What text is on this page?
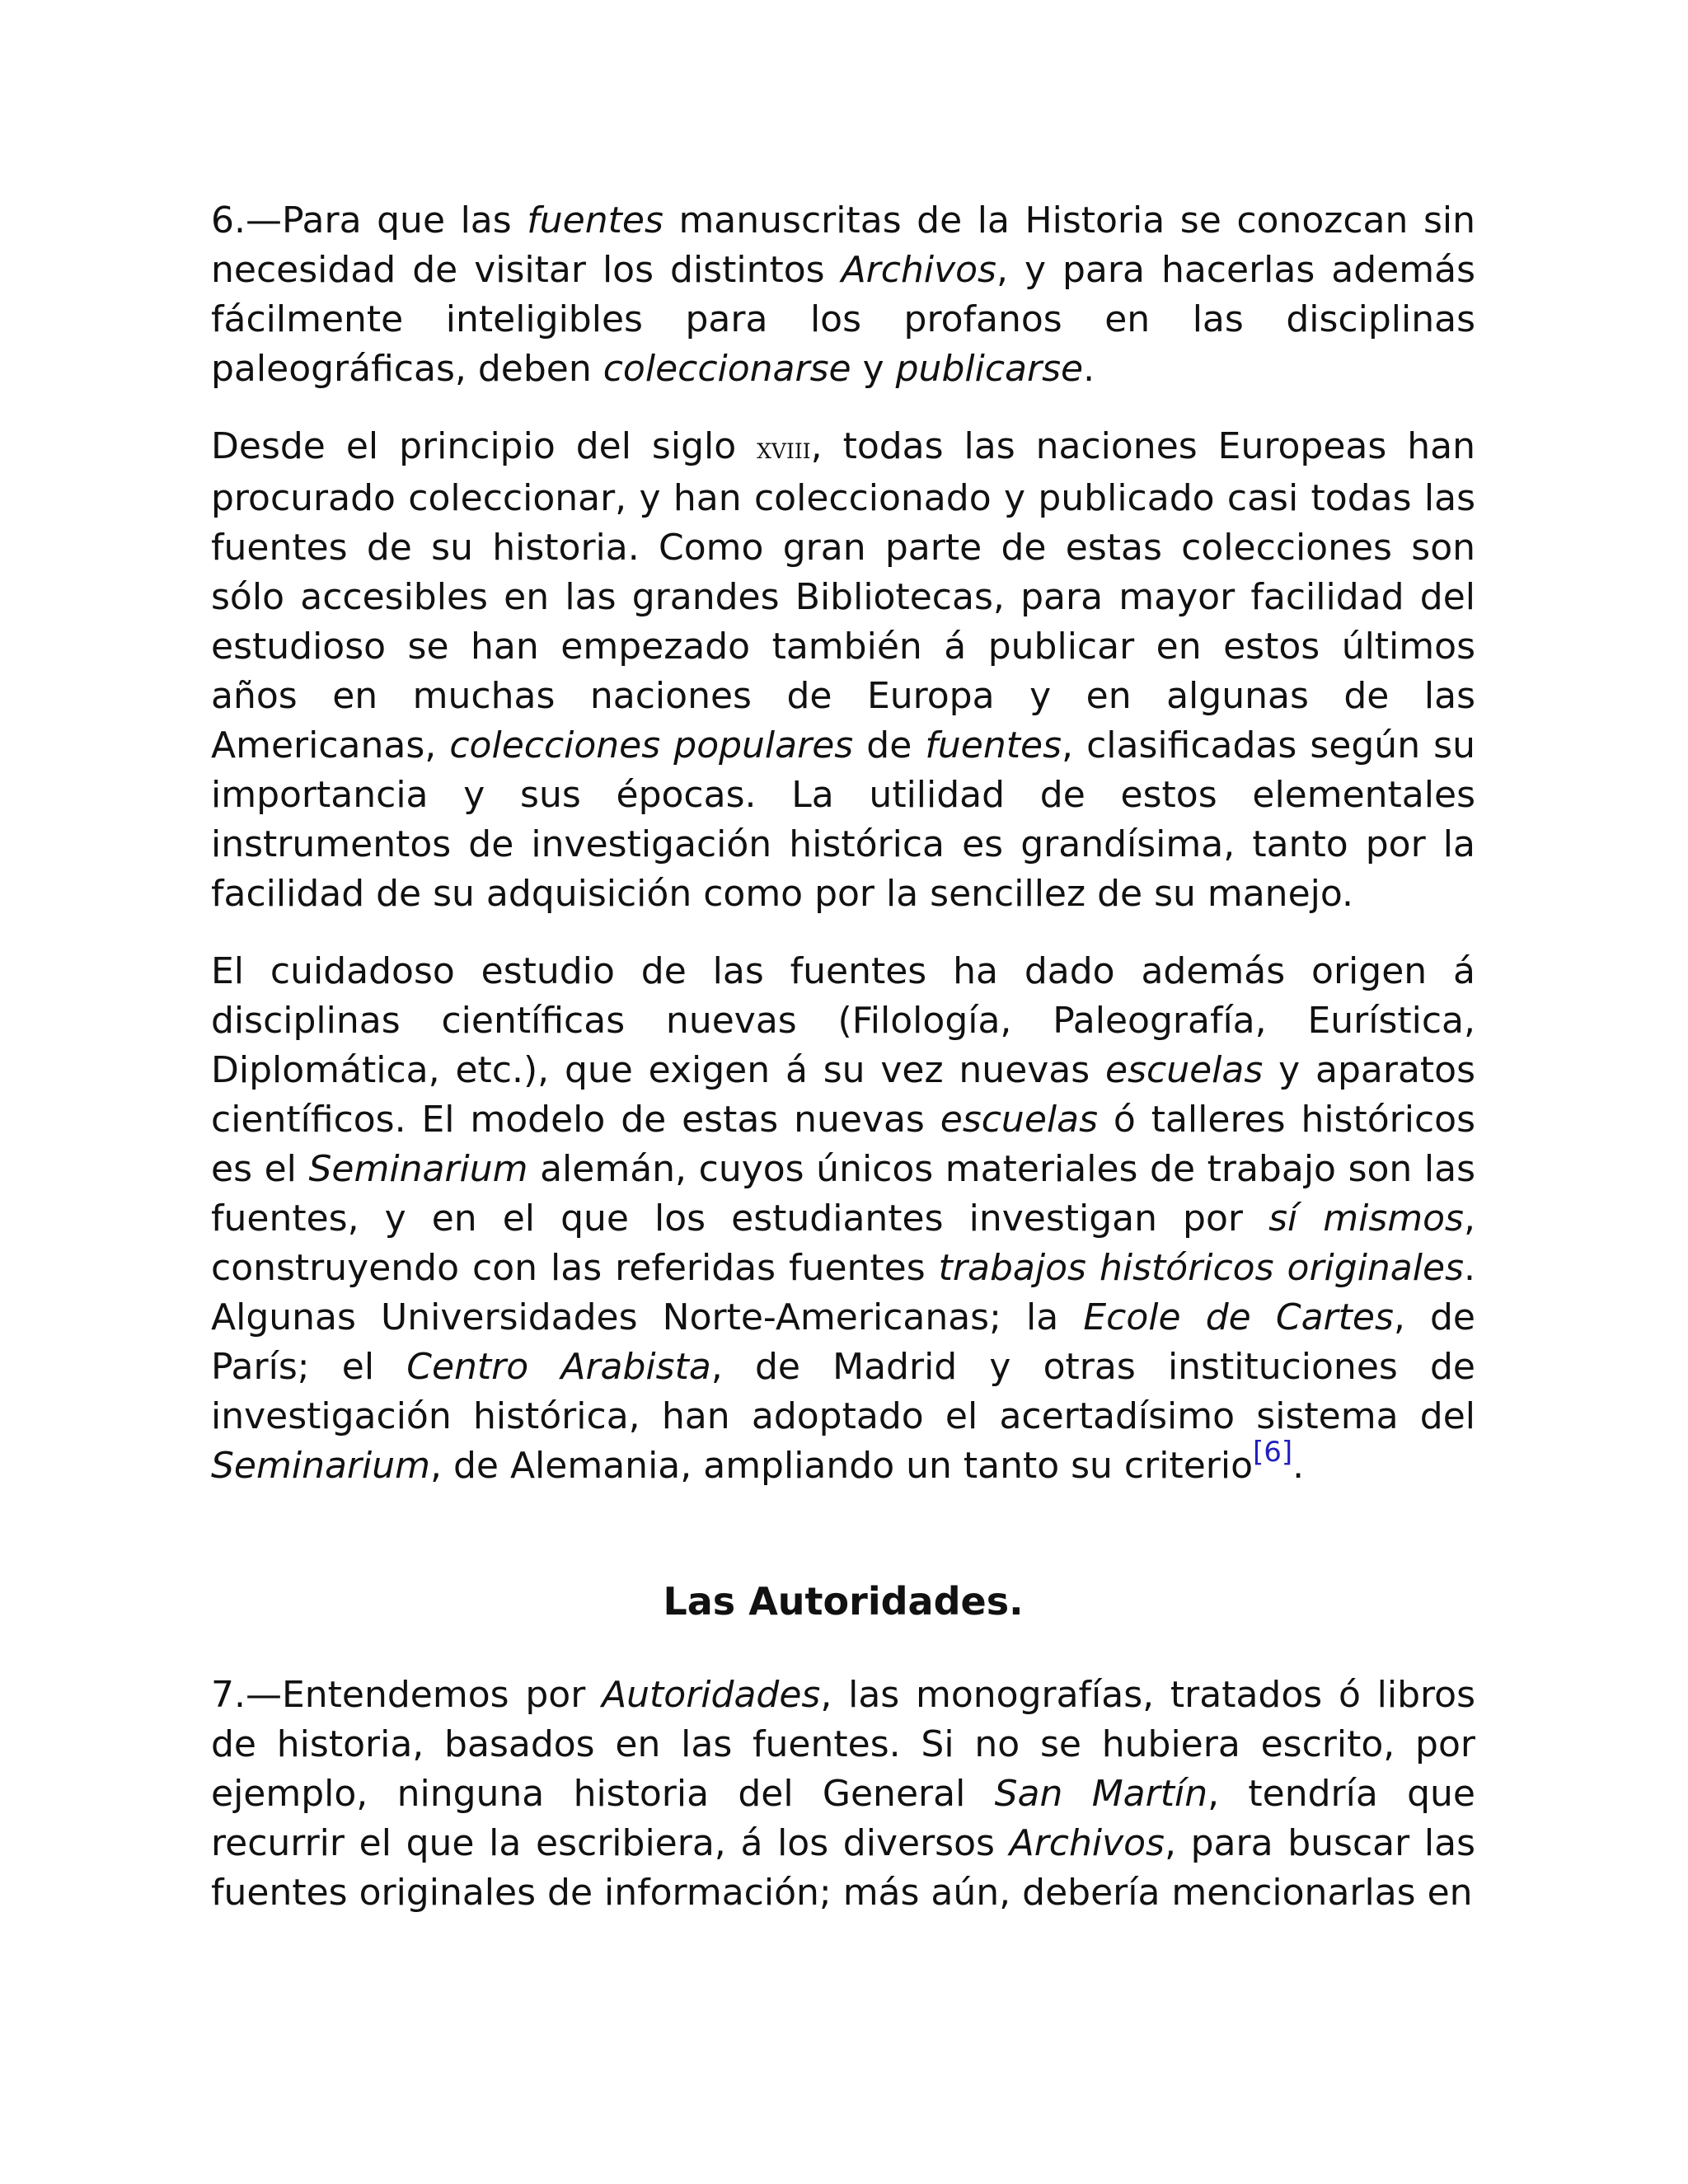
6.—Para que las fuentes manuscritas de la Historia se conozcan sin necesidad de visitar los distintos Archivos, y para hacerlas además fácilmente inteligibles para los profanos en las disciplinas paleográficas, deben coleccionarse y publicarse.

Desde el principio del siglo xviii, todas las naciones Europeas han procurado coleccionar, y han coleccionado y publicado casi todas las fuentes de su historia. Como gran parte de estas colecciones son sólo accesibles en las grandes Bibliotecas, para mayor facilidad del estudioso se han empezado también á publicar en estos últimos años en muchas naciones de Europa y en algunas de las Americanas, colecciones populares de fuentes, clasificadas según su importancia y sus épocas. La utilidad de estos elementales instrumentos de investigación histórica es grandísima, tanto por la facilidad de su adquisición como por la sencillez de su manejo.

El cuidadoso estudio de las fuentes ha dado además origen á disciplinas científicas nuevas (Filología, Paleografía, Eurística, Diplomática, etc.), que exigen á su vez nuevas escuelas y aparatos científicos. El modelo de estas nuevas escuelas ó talleres históricos es el Seminarium alemán, cuyos únicos materiales de trabajo son las fuentes, y en el que los estudiantes investigan por sí mismos, construyendo con las referidas fuentes trabajos históricos originales. Algunas Universidades Norte-Americanas; la Ecole de Cartes, de París; el Centro Arabista, de Madrid y otras instituciones de investigación histórica, han adoptado el acertadísimo sistema del Seminarium, de Alemania, ampliando un tanto su criterio[6].

Las Autoridades.

7.—Entendemos por Autoridades, las monografías, tratados ó libros de historia, basados en las fuentes. Si no se hubiera escrito, por ejemplo, ninguna historia del General San Martín, tendría que recurrir el que la escribiera, á los diversos Archivos, para buscar las fuentes originales de información; más aún, debería mencionarlas en
